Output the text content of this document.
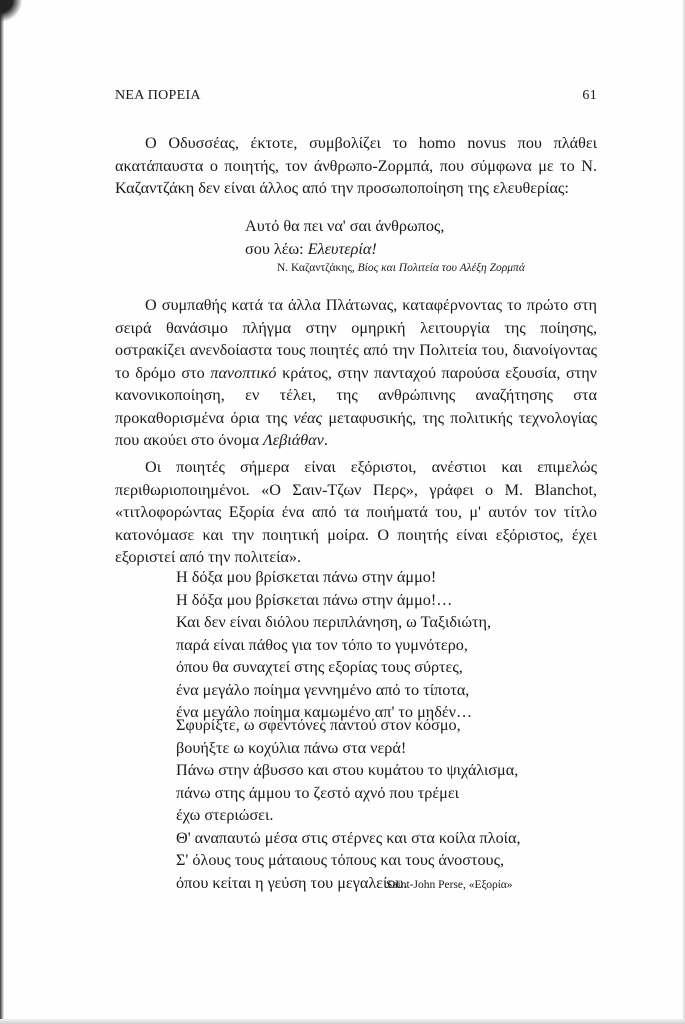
ΝΕΑ ΠΟΡΕΙΑ	61

Ο Οδυσσέας, έκτοτε, συμβολίζει το homo novus που πλάθει ακατάπαυστα ο ποιητής, τον άνθρωπο-Ζορμπά, που σύμφωνα με το Ν. Καζαντζάκη δεν είναι άλλος από την προσωποποίηση της ελευθερίας:

Αυτό θα πει να' σαι άνθρωπος,
σου λέω: Ελευτερία!
Ν. Καζαντζάκης, Βίος και Πολιτεία του Αλέξη Ζορμπά

Ο συμπαθής κατά τα άλλα Πλάτωνας, καταφέρνοντας το πρώτο στη σειρά θανάσιμο πλήγμα στην ομηρική λειτουργία της ποίησης, οστρακίζει ανενδοίαστα τους ποιητές από την Πολιτεία του, διανοίγοντας το δρόμο στο πανοπτικό κράτος, στην πανταχού παρούσα εξουσία, στην κανονικοποίηση, εν τέλει, της ανθρώπινης αναζήτησης στα προκαθορισμένα όρια της νέας μεταφυσικής, της πολιτικής τεχνολογίας που ακούει στο όνομα Λεβιάθαν.

Οι ποιητές σήμερα είναι εξόριστοι, ανέστιοι και επιμελώς περιθωριοποιημένοι. «Ο Σαιν-Τζων Περς», γράφει ο M. Blanchot, «τιτλοφορώντας Εξορία ένα από τα ποιήματά του, μ' αυτόν τον τίτλο κατονόμασε και την ποιητική μοίρα. Ο ποιητής είναι εξόριστος, έχει εξοριστεί από την πολιτεία».

Η δόξα μου βρίσκεται πάνω στην άμμο!
Η δόξα μου βρίσκεται πάνω στην άμμο!…
Και δεν είναι διόλου περιπλάνηση, ω Ταξιδιώτη,
παρά είναι πάθος για τον τόπο το γυμνότερο,
όπου θα συναχτεί στης εξορίας τους σύρτες,
ένα μεγάλο ποίημα γεννημένο από το τίποτα,
ένα μεγάλο ποίημα καμωμένο απ' το μηδέν…
Σφυρίξτε, ω σφεντόνες παντού στον κόσμο,
βουήξτε ω κοχύλια πάνω στα νερά!
Πάνω στην άβυσσο και στου κυμάτου το ψιχάλισμα,
πάνω στης άμμου το ζεστό αχνό που τρέμει
έχω στεριώσει.
Θ' αναπαυτώ μέσα στις στέρνες και στα κοίλα πλοία,
Σ' όλους τους μάταιους τόπους και τους άνοστους,
όπου κείται η γεύση του μεγαλείου.
Saint-John Perse, «Εξορία»
